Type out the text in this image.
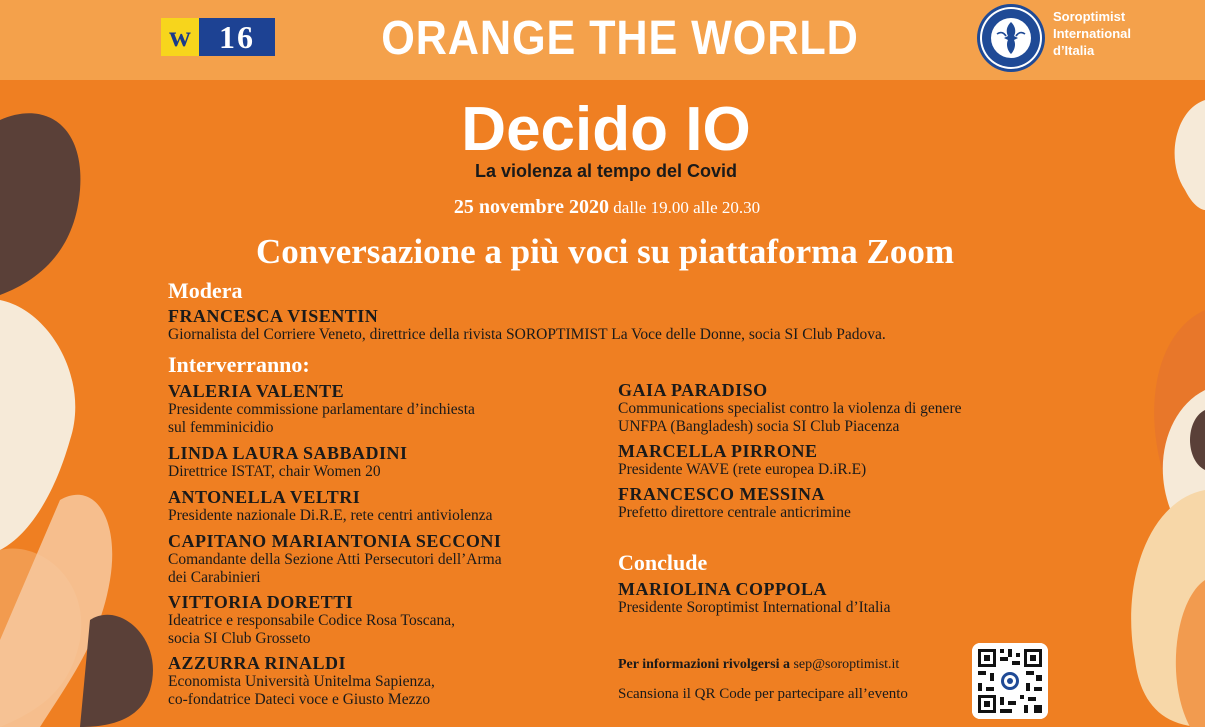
w 16	ORANGE THE WORLD	Soroptimist
International
d’Italia
Decido IO
La violenza al tempo del Covid
25 novembre 2020 dalle 19.00 alle 20.30
Conversazione a più voci su piattaforma Zoom
Modera
FRANCESCA VISENTIN
Giornalista del Corriere Veneto, direttrice della rivista SOROPTIMIST La Voce delle Donne, socia SI Club Padova.
Interverranno:
VALERIA VALENTE
Presidente commissione parlamentare d’inchiesta
sul femminicidio
LINDA LAURA SABBADINI
Direttrice ISTAT, chair Women 20
ANTONELLA VELTRI
Presidente nazionale Di.R.E, rete centri antiviolenza
CAPITANO MARIANTONIA SECCONI
Comandante della Sezione Atti Persecutori dell’Arma
dei Carabinieri
VITTORIA DORETTI
Ideatrice e responsabile Codice Rosa Toscana,
socia SI Club Grosseto
AZZURRA RINALDI
Economista Università Unitelma Sapienza,
co-fondatrice Dateci voce e Giusto Mezzo
GAIA PARADISO
Communications specialist contro la violenza di genere
UNFPA (Bangladesh) socia SI Club Piacenza
MARCELLA PIRRONE
Presidente WAVE (rete europea D.iR.E)
FRANCESCO MESSINA
Prefetto direttore centrale anticrimine
Conclude
MARIOLINA COPPOLA
Presidente Soroptimist International d’Italia
Per informazioni rivolgersi a sep@soroptimist.it
Scansiona il QR Code per partecipare all’evento
